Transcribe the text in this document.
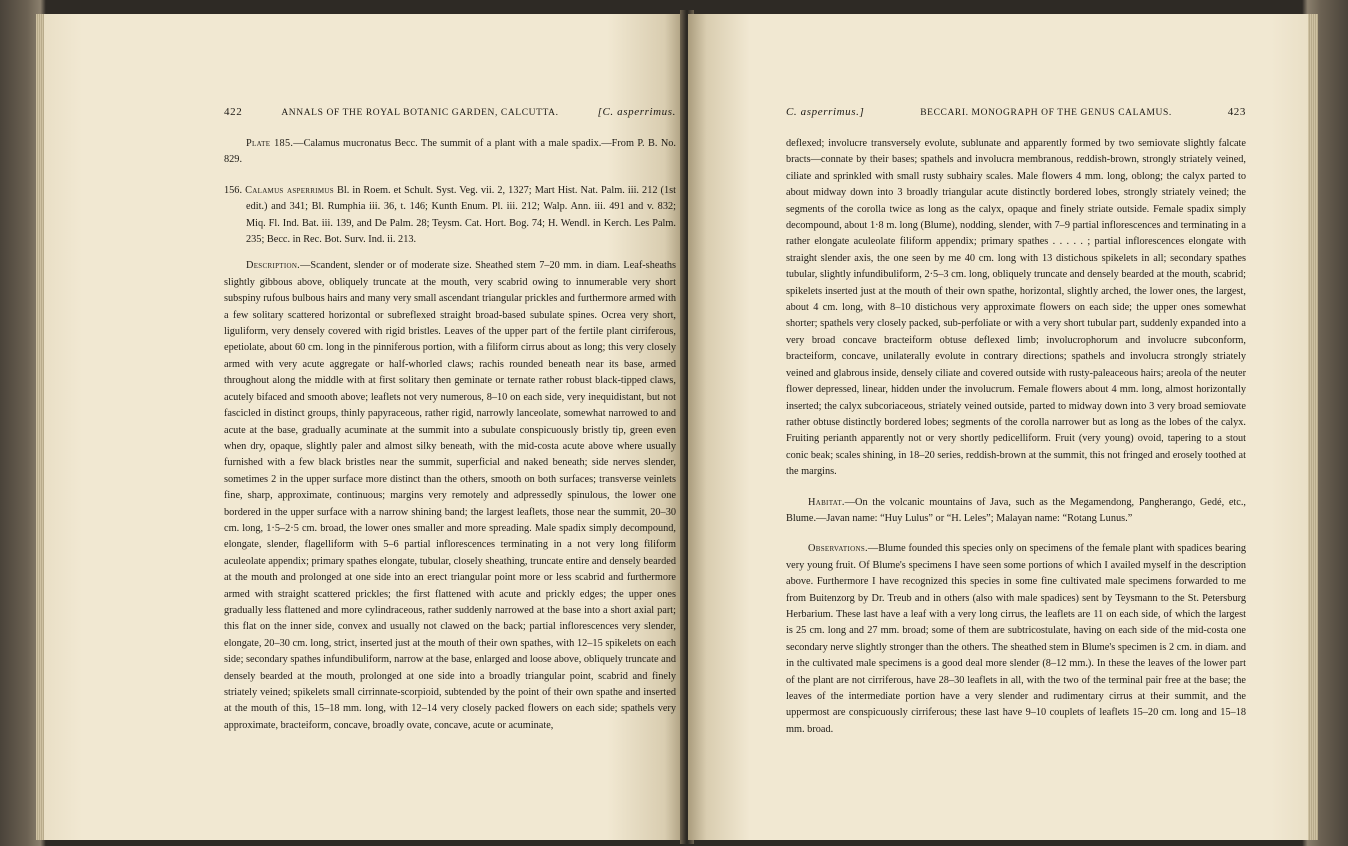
422	ANNALS OF THE ROYAL BOTANIC GARDEN, CALCUTTA.	[C. asperrimus.

Plate 185.—Calamus mucronatus Becc. The summit of a plant with a male spadix.—From P. B. No. 829.

156. Calamus asperrimus Bl. in Roem. et Schult. Syst. Veg. vii. 2, 1327; Mart Hist. Nat. Palm. iii. 212 (1st edit.) and 341; Bl. Rumphia iii. 36, t. 146; Kunth Enum. Pl. iii. 212; Walp. Ann. iii. 491 and v. 832; Miq. Fl. Ind. Bat. iii. 139, and De Palm. 28; Teysm. Cat. Hort. Bog. 74; H. Wendl. in Kerch. Les Palm. 235; Becc. in Rec. Bot. Surv. Ind. ii. 213.

Description.—Scandent, slender or of moderate size. Sheathed stem 7–20 mm. in diam. Leaf-sheaths slightly gibbous above, obliquely truncate at the mouth, very scabrid owing to innumerable very short subspiny rufous bulbous hairs and many very small ascendant triangular prickles and furthermore armed with a few solitary scattered horizontal or subreflexed straight broad-based subulate spines. Ocrea very short, liguliform, very densely covered with rigid bristles. Leaves of the upper part of the fertile plant cirriferous, epetiolate, about 60 cm. long in the pinniferous portion, with a filiform cirrus about as long; this very closely armed with very acute aggregate or half-whorled claws; rachis rounded beneath near its base, armed throughout along the middle with at first solitary then geminate or ternate rather robust black-tipped claws, acutely bifaced and smooth above; leaflets not very numerous, 8–10 on each side, very inequidistant, but not fascicled in distinct groups, thinly papyraceous, rather rigid, narrowly lanceolate, somewhat narrowed to and acute at the base, gradually acuminate at the summit into a subulate conspicuously bristly tip, green even when dry, opaque, slightly paler and almost silky beneath, with the mid-costa acute above where usually furnished with a few black bristles near the summit, superficial and naked beneath; side nerves slender, sometimes 2 in the upper surface more distinct than the others, smooth on both surfaces; transverse veinlets fine, sharp, approximate, continuous; margins very remotely and adpressedly spinulous, the lower one bordered in the upper surface with a narrow shining band; the largest leaflets, those near the summit, 20–30 cm. long, 1·5–2·5 cm. broad, the lower ones smaller and more spreading. Male spadix simply decompound, elongate, slender, flagelliform with 5–6 partial inflorescences terminating in a not very long filiform aculeolate appendix; primary spathes elongate, tubular, closely sheathing, truncate entire and densely bearded at the mouth and prolonged at one side into an erect triangular point more or less scabrid and furthermore armed with straight scattered prickles; the first flattened with acute and prickly edges; the upper ones gradually less flattened and more cylindraceous, rather suddenly narrowed at the base into a short axial part; this flat on the inner side, convex and usually not clawed on the back; partial inflorescences very slender, elongate, 20–30 cm. long, strict, inserted just at the mouth of their own spathes, with 12–15 spikelets on each side; secondary spathes infundibuliform, narrow at the base, enlarged and loose above, obliquely truncate and densely bearded at the mouth, prolonged at one side into a broadly triangular point, scabrid and finely striately veined; spikelets small cirrinnate-scorpioid, subtended by the point of their own spathe and inserted at the mouth of this, 15–18 mm. long, with 12–14 very closely packed flowers on each side; spathels very approximate, bracteiform, concave, broadly ovate, concave, acute or acuminate,

C. asperrimus.]	BECCARI. MONOGRAPH OF THE GENUS CALAMUS.	423

deflexed; involucre transversely evolute, sublunate and apparently formed by two semiovate slightly falcate bracts—connate by their bases; spathels and involucra membranous, reddish-brown, strongly striately veined, ciliate and sprinkled with small rusty subhairy scales. Male flowers 4 mm. long, oblong; the calyx parted to about midway down into 3 broadly triangular acute distinctly bordered lobes, strongly striately veined; the segments of the corolla twice as long as the calyx, opaque and finely striate outside. Female spadix simply decompound, about 1·8 m. long (Blume), nodding, slender, with 7–9 partial inflorescences and terminating in a rather elongate aculeolate filiform appendix; primary spathes . . . . . ; partial inflorescences elongate with straight slender axis, the one seen by me 40 cm. long with 13 distichous spikelets in all; secondary spathes tubular, slightly infundibuliform, 2·5–3 cm. long, obliquely truncate and densely bearded at the mouth, scabrid; spikelets inserted just at the mouth of their own spathe, horizontal, slightly arched, the lower ones, the largest, about 4 cm. long, with 8–10 distichous very approximate flowers on each side; the upper ones somewhat shorter; spathels very closely packed, sub-perfoliate or with a very short tubular part, suddenly expanded into a very broad concave bracteiform obtuse deflexed limb; involucrophorum and involucre subconform, bracteiform, concave, unilaterally evolute in contrary directions; spathels and involucra strongly striately veined and glabrous inside, densely ciliate and covered outside with rusty-paleaceous hairs; areola of the neuter flower depressed, linear, hidden under the involucrum. Female flowers about 4 mm. long, almost horizontally inserted; the calyx subcoriaceous, striately veined outside, parted to midway down into 3 very broad semiovate rather obtuse distinctly bordered lobes; segments of the corolla narrower but as long as the lobes of the calyx. Fruiting perianth apparently not or very shortly pedicelliform. Fruit (very young) ovoid, tapering to a stout conic beak; scales shining, in 18–20 series, reddish-brown at the summit, this not fringed and erosely toothed at the margins.

Habitat.—On the volcanic mountains of Java, such as the Megamendong, Pangherango, Gedé, etc., Blume.—Javan name: “Huy Lulus” or “H. Leles”; Malayan name: “Rotang Lunus.”

Observations.—Blume founded this species only on specimens of the female plant with spadices bearing very young fruit. Of Blume's specimens I have seen some portions of which I availed myself in the description above. Furthermore I have recognized this species in some fine cultivated male specimens forwarded to me from Buitenzorg by Dr. Treub and in others (also with male spadices) sent by Teysmann to the St. Petersburg Herbarium. These last have a leaf with a very long cirrus, the leaflets are 11 on each side, of which the largest is 25 cm. long and 27 mm. broad; some of them are subtricostulate, having on each side of the mid-costa one secondary nerve slightly stronger than the others. The sheathed stem in Blume's specimen is 2 cm. in diam. and in the cultivated male specimens is a good deal more slender (8–12 mm.). In these the leaves of the lower part of the plant are not cirriferous, have 28–30 leaflets in all, with the two of the terminal pair free at the base; the leaves of the intermediate portion have a very slender and rudimentary cirrus at their summit, and the uppermost are conspicuously cirriferous; these last have 9–10 couplets of leaflets 15–20 cm. long and 15–18 mm. broad.
